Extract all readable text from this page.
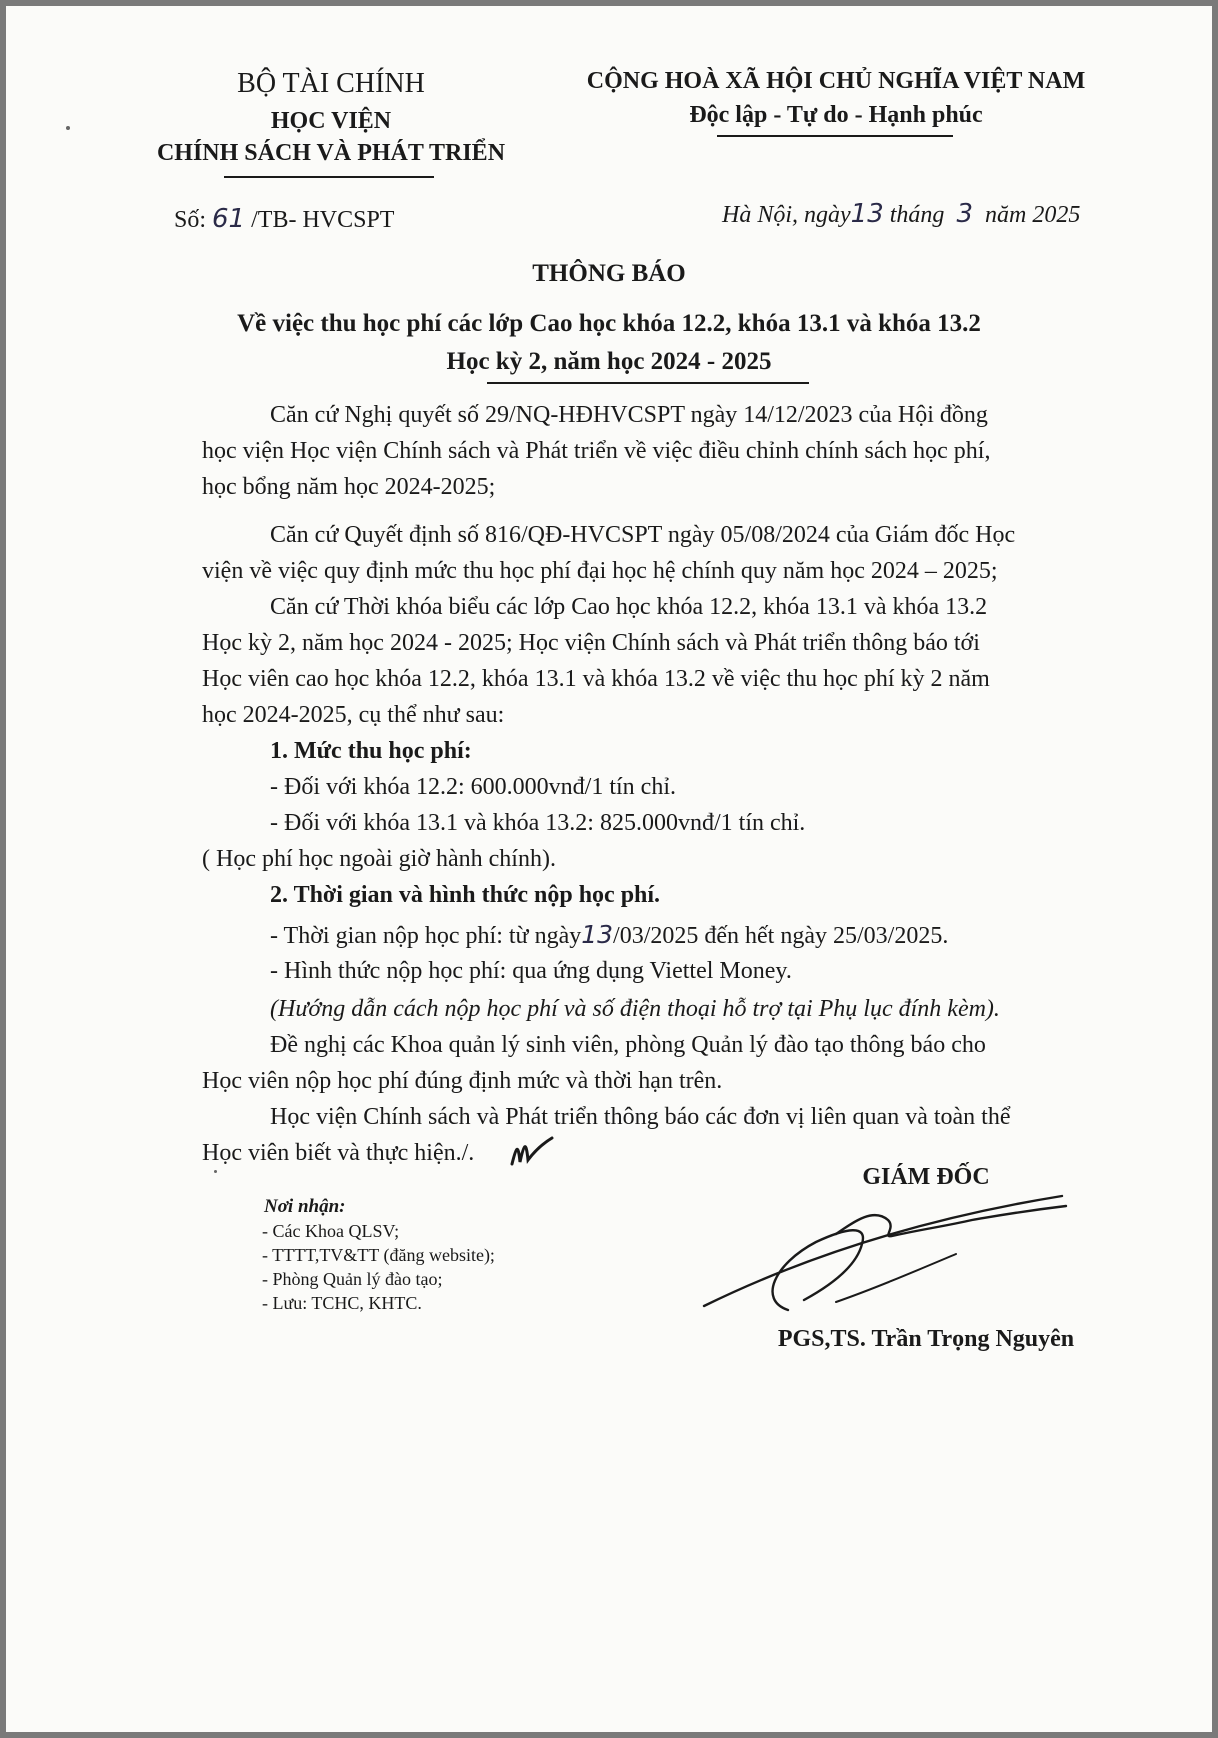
BỘ TÀI CHÍNH
HỌC VIỆN
CHÍNH SÁCH VÀ PHÁT TRIỂN
CỘNG HOÀ XÃ HỘI CHỦ NGHĨA VIỆT NAM
Độc lập - Tự do - Hạnh phúc
Số: 61 /TB- HVCSPT	Hà Nội, ngày13 tháng 3 năm 2025
THÔNG BÁO
Về việc thu học phí các lớp Cao học khóa 12.2, khóa 13.1 và khóa 13.2
Học kỳ 2, năm học 2024 - 2025
Căn cứ Nghị quyết số 29/NQ-HĐHVCSPT ngày 14/12/2023 của Hội đồng
học viện Học viện Chính sách và Phát triển về việc điều chỉnh chính sách học phí,
học bổng năm học 2024-2025;
Căn cứ Quyết định số 816/QĐ-HVCSPT ngày 05/08/2024 của Giám đốc Học
viện về việc quy định mức thu học phí đại học hệ chính quy năm học 2024 – 2025;
Căn cứ Thời khóa biểu các lớp Cao học khóa 12.2, khóa 13.1 và khóa 13.2
Học kỳ 2, năm học 2024 - 2025; Học viện Chính sách và Phát triển thông báo tới
Học viên cao học khóa 12.2, khóa 13.1 và khóa 13.2 về việc thu học phí kỳ 2 năm
học 2024-2025, cụ thể như sau:
1. Mức thu học phí:
- Đối với khóa 12.2: 600.000vnđ/1 tín chỉ.
- Đối với khóa 13.1 và khóa 13.2: 825.000vnđ/1 tín chỉ.
( Học phí học ngoài giờ hành chính).
2. Thời gian và hình thức nộp học phí.
- Thời gian nộp học phí: từ ngày13/03/2025 đến hết ngày 25/03/2025.
- Hình thức nộp học phí: qua ứng dụng Viettel Money.
(Hướng dẫn cách nộp học phí và số điện thoại hỗ trợ tại Phụ lục đính kèm).
Đề nghị các Khoa quản lý sinh viên, phòng Quản lý đào tạo thông báo cho
Học viên nộp học phí đúng định mức và thời hạn trên.
Học viện Chính sách và Phát triển thông báo các đơn vị liên quan và toàn thể
Học viên biết và thực hiện./.
Nơi nhận:
- Các Khoa QLSV;
- TTTT,TV&TT (đăng website);
- Phòng Quản lý đào tạo;
- Lưu: TCHC, KHTC.
GIÁM ĐỐC
PGS,TS. Trần Trọng Nguyên
